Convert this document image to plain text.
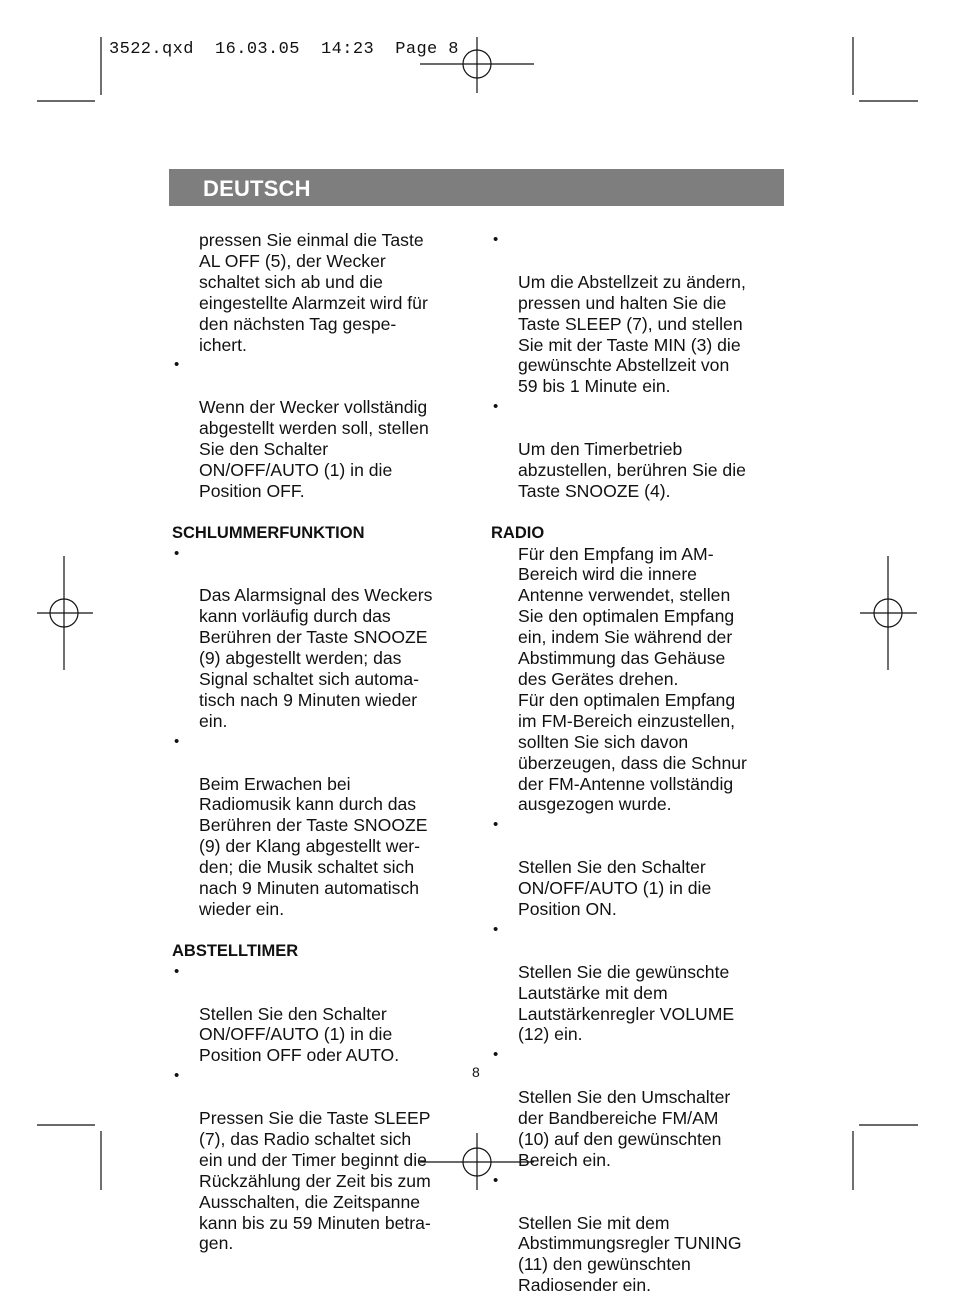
3522.qxd  16.03.05  14:23  Page 8
DEUTSCH
pressen Sie einmal die Taste
AL OFF (5), der Wecker
schaltet sich ab und die
eingestellte Alarmzeit wird für
den nächsten Tag gespe-
ichert.

•

Wenn der Wecker vollständig
abgestellt werden soll, stellen
Sie den Schalter
ON/OFF/AUTO (1) in die
Position OFF.

SCHLUMMERFUNKTION

•

Das Alarmsignal des Weckers
kann vorläufig durch das
Berühren der Taste SNOOZE
(9) abgestellt werden; das
Signal schaltet sich automa-
tisch nach 9 Minuten wieder
ein.

•

Beim Erwachen bei
Radiomusik kann durch das
Berühren der Taste SNOOZE
(9) der Klang abgestellt wer-
den; die Musik schaltet sich
nach 9 Minuten automatisch
wieder ein.

ABSTELLTIMER

•

Stellen Sie den Schalter
ON/OFF/AUTO (1) in die
Position OFF oder AUTO.

•

Pressen Sie die Taste SLEEP
(7), das Radio schaltet sich
ein und der Timer beginnt die
Rückzählung der Zeit bis zum
Ausschalten, die Zeitspanne
kann bis zu 59 Minuten betra-
gen.

•

Um die Abstellzeit zu ändern,
pressen und halten Sie die
Taste SLEEP (7), und stellen
Sie mit der Taste MIN (3) die
gewünschte Abstellzeit von
59 bis 1 Minute ein.

•

Um den Timerbetrieb
abzustellen, berühren Sie die
Taste SNOOZE (4).

RADIO
Für den Empfang im AM-
Bereich wird die innere
Antenne verwendet, stellen
Sie den optimalen Empfang
ein, indem Sie während der
Abstimmung das Gehäuse
des Gerätes drehen.
Für den optimalen Empfang
im FM-Bereich einzustellen,
sollten Sie sich davon
überzeugen, dass die Schnur
der FM-Antenne vollständig
ausgezogen wurde.

•

Stellen Sie den Schalter
ON/OFF/AUTO (1) in die
Position ON.

•

Stellen Sie die gewünschte
Lautstärke mit dem
Lautstärkenregler VOLUME
(12) ein.

•

Stellen Sie den Umschalter
der Bandbereiche FM/AM
(10) auf den gewünschten
Bereich ein.

•

Stellen Sie mit dem
Abstimmungsregler TUNING
(11) den gewünschten
Radiosender ein.

8
